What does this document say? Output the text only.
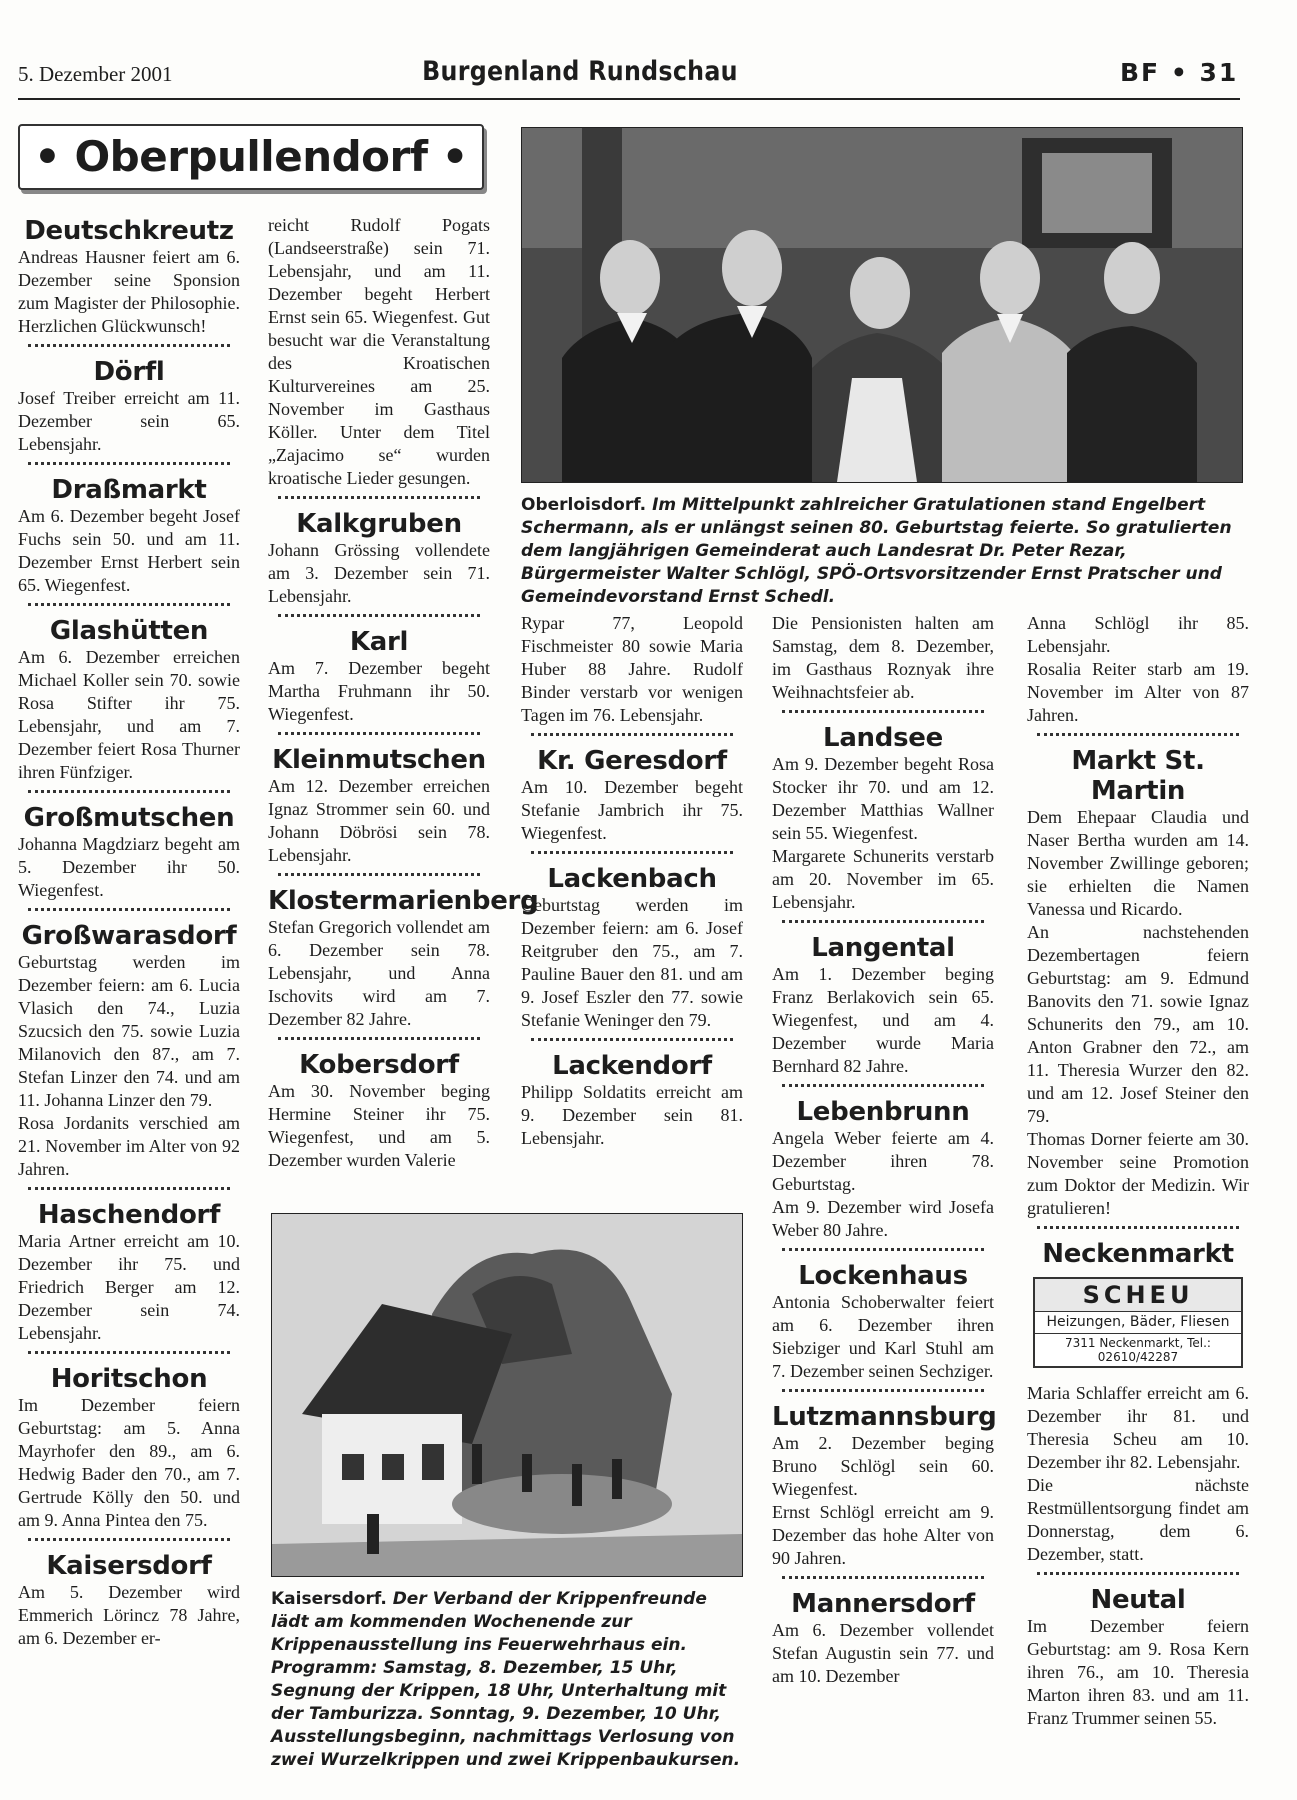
5. Dezember 2001	Burgenland Rundschau	BF • 31
• Oberpullendorf •
Oberloisdorf. Im Mittelpunkt zahlreicher Gratulationen stand Engelbert Schermann, als er unlängst seinen 80. Geburtstag feierte. So gratulierten dem langjährigen Gemeinderat auch Landesrat Dr. Peter Rezar, Bürgermeister Walter Schlögl, SPÖ-Ortsvorsitzender Ernst Pratscher und Gemeindevorstand Ernst Schedl.
Kaisersdorf. Der Verband der Krippenfreunde lädt am kommenden Wochenende zur Krippenausstellung ins Feuerwehrhaus ein. Programm: Samstag, 8. Dezember, 15 Uhr, Segnung der Krippen, 18 Uhr, Unterhaltung mit der Tamburizza. Sonntag, 9. Dezember, 10 Uhr, Ausstellungsbeginn, nachmittags Verlosung von zwei Wurzelkrippen und zwei Krippenbaukursen.
Deutschkreutz

Andreas Hausner feiert am 6. Dezember seine Sponsion zum Magister der Philosophie. Herzlichen Glückwunsch!

Dörfl

Josef Treiber erreicht am 11. Dezember sein 65. Lebensjahr.

Draßmarkt

Am 6. Dezember begeht Josef Fuchs sein 50. und am 11. Dezember Ernst Herbert sein 65. Wiegenfest.

Glashütten

Am 6. Dezember erreichen Michael Koller sein 70. sowie Rosa Stifter ihr 75. Lebensjahr, und am 7. Dezember feiert Rosa Thurner ihren Fünfziger.

Großmutschen

Johanna Magdziarz begeht am 5. Dezember ihr 50. Wiegenfest.

Großwarasdorf

Geburtstag werden im Dezember feiern: am 6. Lucia Vlasich den 74., Luzia Szucsich den 75. sowie Luzia Milanovich den 87., am 7. Stefan Linzer den 74. und am 11. Johanna Linzer den 79.

Rosa Jordanits verschied am 21. November im Alter von 92 Jahren.

Haschendorf

Maria Artner erreicht am 10. Dezember ihr 75. und Friedrich Berger am 12. Dezember sein 74. Lebensjahr.

Horitschon

Im Dezember feiern Geburtstag: am 5. Anna Mayrhofer den 89., am 6. Hedwig Bader den 70., am 7. Gertrude Kölly den 50. und am 9. Anna Pintea den 75.

Kaisersdorf

Am 5. Dezember wird Emmerich Lörincz 78 Jahre, am 6. Dezember er-

reicht Rudolf Pogats (Landseerstraße) sein 71. Lebensjahr, und am 11. Dezember begeht Herbert Ernst sein 65. Wiegenfest. Gut besucht war die Veranstaltung des Kroatischen Kulturvereines am 25. November im Gasthaus Köller. Unter dem Titel „Zajacimo se“ wurden kroatische Lieder gesungen.

Kalkgruben

Johann Grössing vollendete am 3. Dezember sein 71. Lebensjahr.

Karl

Am 7. Dezember begeht Martha Fruhmann ihr 50. Wiegenfest.

Kleinmutschen

Am 12. Dezember erreichen Ignaz Strommer sein 60. und Johann Döbrösi sein 78. Lebensjahr.

Klostermarienberg

Stefan Gregorich vollendet am 6. Dezember sein 78. Lebensjahr, und Anna Ischovits wird am 7. Dezember 82 Jahre.

Kobersdorf

Am 30. November beging Hermine Steiner ihr 75. Wiegenfest, und am 5. Dezember wurden Valerie

Rypar 77, Leopold Fischmeister 80 sowie Maria Huber 88 Jahre. Rudolf Binder verstarb vor wenigen Tagen im 76. Lebensjahr.

Kr. Geresdorf

Am 10. Dezember begeht Stefanie Jambrich ihr 75. Wiegenfest.

Lackenbach

Geburtstag werden im Dezember feiern: am 6. Josef Reitgruber den 75., am 7. Pauline Bauer den 81. und am 9. Josef Eszler den 77. sowie Stefanie Weninger den 79.

Lackendorf

Philipp Soldatits erreicht am 9. Dezember sein 81. Lebensjahr.

Die Pensionisten halten am Samstag, dem 8. Dezember, im Gasthaus Roznyak ihre Weihnachtsfeier ab.

Landsee

Am 9. Dezember begeht Rosa Stocker ihr 70. und am 12. Dezember Matthias Wallner sein 55. Wiegenfest.

Margarete Schunerits verstarb am 20. November im 65. Lebensjahr.

Langental

Am 1. Dezember beging Franz Berlakovich sein 65. Wiegenfest, und am 4. Dezember wurde Maria Bernhard 82 Jahre.

Lebenbrunn

Angela Weber feierte am 4. Dezember ihren 78. Geburtstag.

Am 9. Dezember wird Josefa Weber 80 Jahre.

Lockenhaus

Antonia Schoberwalter feiert am 6. Dezember ihren Siebziger und Karl Stuhl am 7. Dezember seinen Sechziger.

Lutzmannsburg

Am 2. Dezember beging Bruno Schlögl sein 60. Wiegenfest.

Ernst Schlögl erreicht am 9. Dezember das hohe Alter von 90 Jahren.

Mannersdorf

Am 6. Dezember vollendet Stefan Augustin sein 77. und am 10. Dezember

Anna Schlögl ihr 85. Lebensjahr.

Rosalia Reiter starb am 19. November im Alter von 87 Jahren.

Markt St. Martin

Dem Ehepaar Claudia und Naser Bertha wurden am 14. November Zwillinge geboren; sie erhielten die Namen Vanessa und Ricardo.

An nachstehenden Dezembertagen feiern Geburtstag: am 9. Edmund Banovits den 71. sowie Ignaz Schunerits den 79., am 10. Anton Grabner den 72., am 11. Theresia Wurzer den 82. und am 12. Josef Steiner den 79.

Thomas Dorner feierte am 30. November seine Promotion zum Doktor der Medizin. Wir gratulieren!

Neckenmarkt
SCHEU
Heizungen, Bäder, Fliesen
7311 Neckenmarkt, Tel.: 02610/42287

Maria Schlaffer erreicht am 6. Dezember ihr 81. und Theresia Scheu am 10. Dezember ihr 82. Lebensjahr.

Die nächste Restmüllentsorgung findet am Donnerstag, dem 6. Dezember, statt.

Neutal

Im Dezember feiern Geburtstag: am 9. Rosa Kern ihren 76., am 10. Theresia Marton ihren 83. und am 11. Franz Trummer seinen 55.
